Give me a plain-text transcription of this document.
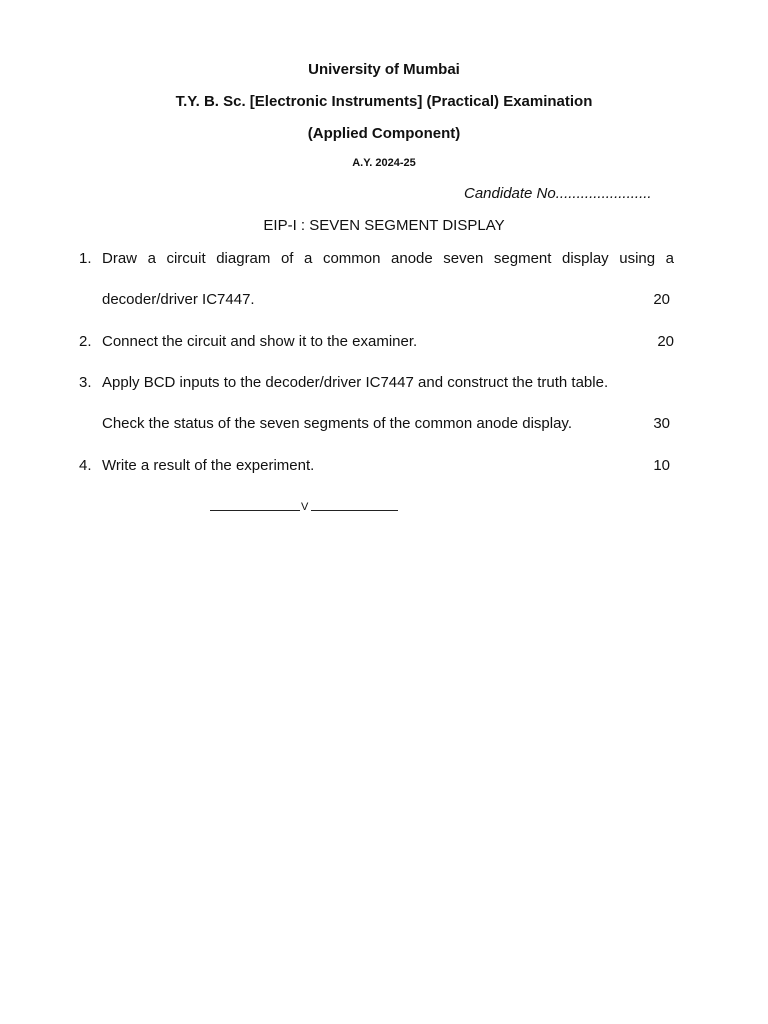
University of Mumbai
T.Y. B. Sc. [Electronic Instruments] (Practical) Examination
(Applied Component)
A.Y. 2024-25
Candidate No.......................
EIP-I : SEVEN SEGMENT DISPLAY
1. Draw a circuit diagram of a common anode seven segment display using a
decoder/driver IC7447.	20
2. Connect the circuit and show it to the examiner.	20
3. Apply BCD inputs to the decoder/driver IC7447 and construct the truth table.
Check the status of the seven segments of the common anode display.	30
4. Write a result of the experiment.	10
V
